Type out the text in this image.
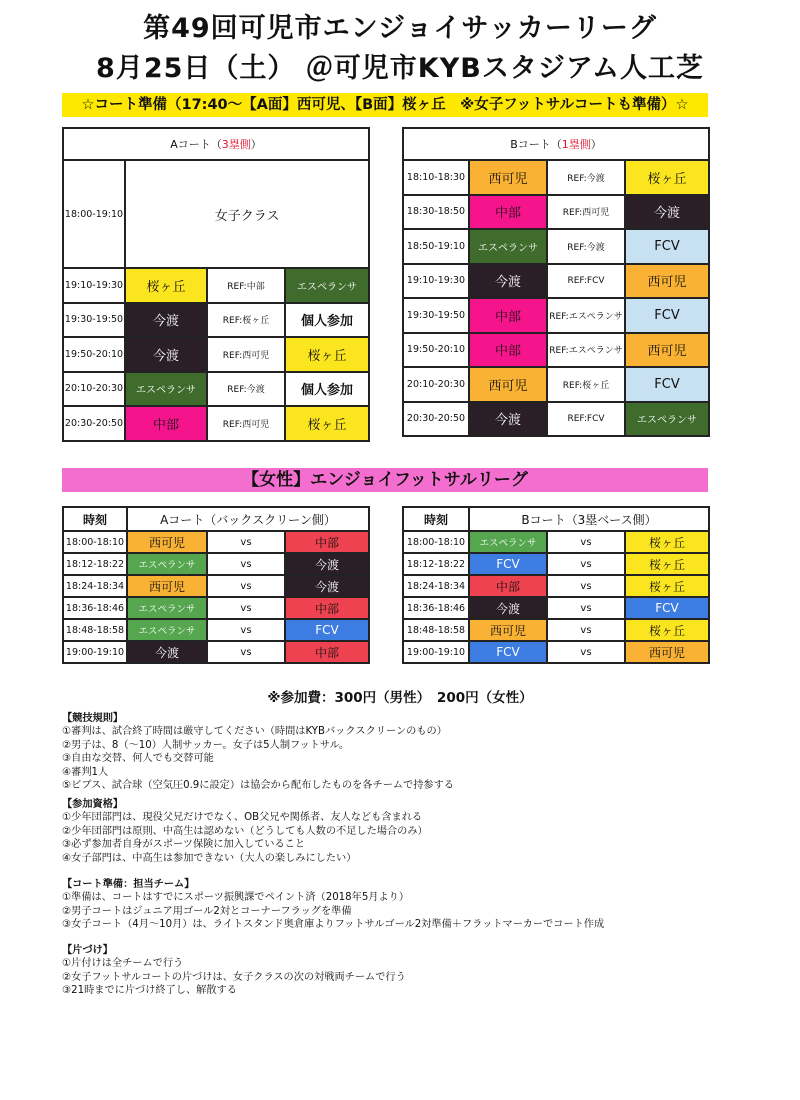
第49回可児市エンジョイサッカーリーグ
8月25日（土） ＠可児市KYBスタジアム人工芝
☆コート準備（17:40～【A面】西可児、【B面】桜ヶ丘　※女子フットサルコートも準備）☆
Aコート（3塁側）			
18:00-19:10	女子クラス		
19:10-19:30	桜ヶ丘	REF:中部	エスペランサ
19:30-19:50	今渡	REF:桜ヶ丘	個人参加
19:50-20:10	今渡	REF:西可児	桜ヶ丘
20:10-20:30	エスペランサ	REF:今渡	個人参加
20:30-20:50	中部	REF:西可児	桜ヶ丘
Bコート（1塁側）			
18:10-18:30	西可児	REF:今渡	桜ヶ丘
18:30-18:50	中部	REF:西可児	今渡
18:50-19:10	エスペランサ	REF:今渡	FCV
19:10-19:30	今渡	REF:FCV	西可児
19:30-19:50	中部	REF:エスペランサ	FCV
19:50-20:10	中部	REF:エスペランサ	西可児
20:10-20:30	西可児	REF:桜ヶ丘	FCV
20:30-20:50	今渡	REF:FCV	エスペランサ
【女性】エンジョイフットサルリーグ
時刻	Aコート（バックスクリーン側）		
18:00-18:10	西可児	vs	中部
18:12-18:22	エスペランサ	vs	今渡
18:24-18:34	西可児	vs	今渡
18:36-18:46	エスペランサ	vs	中部
18:48-18:58	エスペランサ	vs	FCV
19:00-19:10	今渡	vs	中部
時刻	Bコート（3塁ベース側）		
18:00-18:10	エスペランサ	vs	桜ヶ丘
18:12-18:22	FCV	vs	桜ヶ丘
18:24-18:34	中部	vs	桜ヶ丘
18:36-18:46	今渡	vs	FCV
18:48-18:58	西可児	vs	桜ヶ丘
19:00-19:10	FCV	vs	西可児
※参加費：300円（男性）　200円（女性）
【競技規則】
①審判は、試合終了時間は厳守してください（時間はKYBバックスクリーンのもの）
②男子は、8（～10）人制サッカー。女子は5人制フットサル。
③自由な交替、何人でも交替可能
④審判1人
⑤ビブス、試合球（空気圧0.9に設定）は協会から配布したものを各チームで持参する
【参加資格】
①少年団部門は、現役父兄だけでなく、OB父兄や関係者、友人なども含まれる
②少年団部門は原則、中高生は認めない（どうしても人数の不足した場合のみ）
③必ず参加者自身がスポーツ保険に加入していること
④女子部門は、中高生は参加できない（大人の楽しみにしたい）
【コート準備：担当チーム】
①準備は、コートはすでにスポーツ振興課でペイント済（2018年5月より）
②男子コートはジュニア用ゴール2対とコーナーフラッグを準備
③女子コート（4月～10月）は、ライトスタンド奥倉庫よりフットサルゴール2対準備＋フラットマーカーでコート作成
【片づけ】
①片付けは全チームで行う
②女子フットサルコートの片づけは、女子クラスの次の対戦両チームで行う
③21時までに片づけ終了し、解散する
